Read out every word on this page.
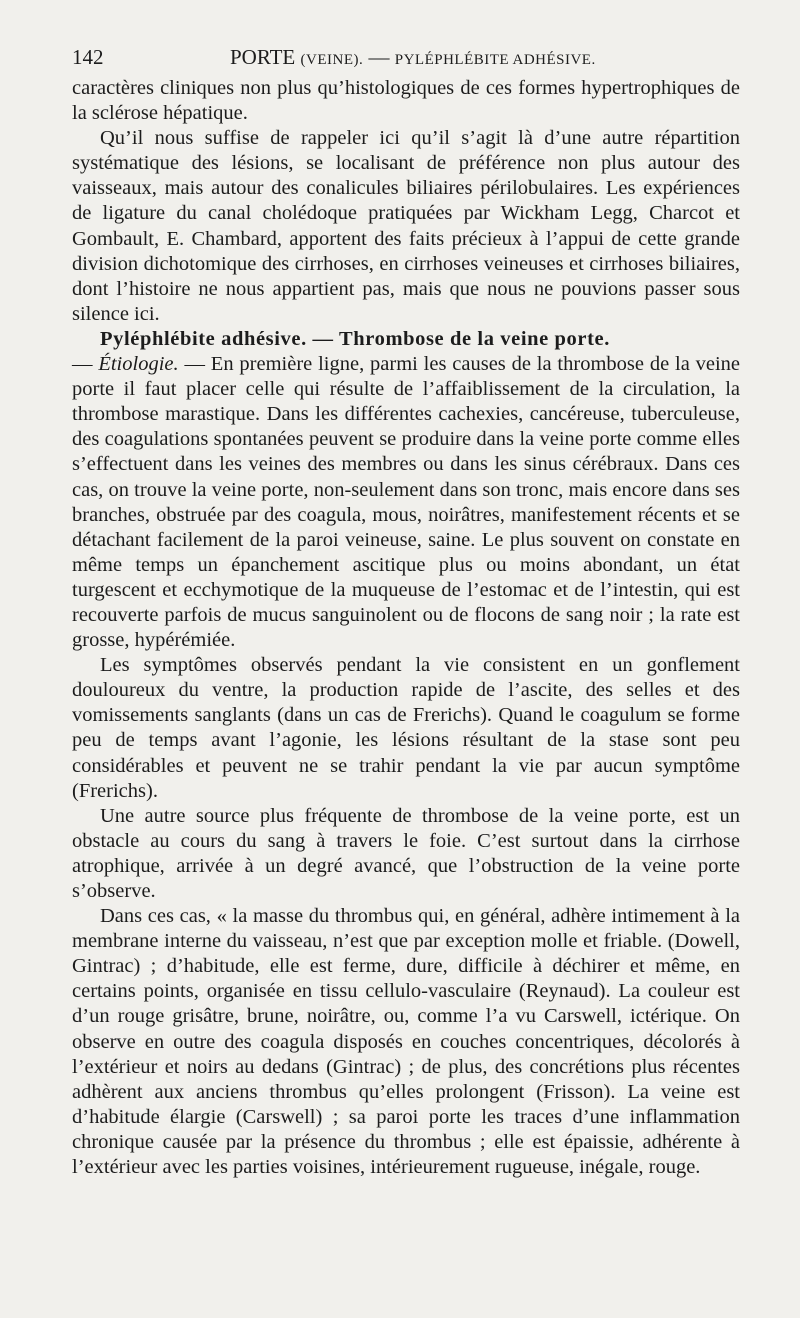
142	PORTE (VEINE). — PYLÉPHLÉBITE ADHÉSIVE.

caractères cliniques non plus qu’histologiques de ces formes hypertrophiques de la sclérose hépatique.

Qu’il nous suffise de rappeler ici qu’il s’agit là d’une autre répartition systématique des lésions, se localisant de préférence non plus autour des vaisseaux, mais autour des conalicules biliaires périlobulaires. Les expériences de ligature du canal cholédoque pratiquées par Wickham Legg, Charcot et Gombault, E. Chambard, apportent des faits précieux à l’appui de cette grande division dichotomique des cirrhoses, en cirrhoses veineuses et cirrhoses biliaires, dont l’histoire ne nous appartient pas, mais que nous ne pouvions passer sous silence ici.

Pyléphlébite adhésive. — Thrombose de la veine porte.

— Étiologie. — En première ligne, parmi les causes de la thrombose de la veine porte il faut placer celle qui résulte de l’affaiblissement de la circulation, la thrombose marastique. Dans les différentes cachexies, cancéreuse, tuberculeuse, des coagulations spontanées peuvent se produire dans la veine porte comme elles s’effectuent dans les veines des membres ou dans les sinus cérébraux. Dans ces cas, on trouve la veine porte, non-seulement dans son tronc, mais encore dans ses branches, obstruée par des coagula, mous, noirâtres, manifestement récents et se détachant facilement de la paroi veineuse, saine. Le plus souvent on constate en même temps un épanchement ascitique plus ou moins abondant, un état turgescent et ecchymotique de la muqueuse de l’estomac et de l’intestin, qui est recouverte parfois de mucus sanguinolent ou de flocons de sang noir ; la rate est grosse, hypérémiée.

Les symptômes observés pendant la vie consistent en un gonflement douloureux du ventre, la production rapide de l’ascite, des selles et des vomissements sanglants (dans un cas de Frerichs). Quand le coagulum se forme peu de temps avant l’agonie, les lésions résultant de la stase sont peu considérables et peuvent ne se trahir pendant la vie par aucun symptôme (Frerichs).

Une autre source plus fréquente de thrombose de la veine porte, est un obstacle au cours du sang à travers le foie. C’est surtout dans la cirrhose atrophique, arrivée à un degré avancé, que l’obstruction de la veine porte s’observe.

Dans ces cas, « la masse du thrombus qui, en général, adhère intimement à la membrane interne du vaisseau, n’est que par exception molle et friable. (Dowell, Gintrac) ; d’habitude, elle est ferme, dure, difficile à déchirer et même, en certains points, organisée en tissu cellulo-vasculaire (Reynaud). La couleur est d’un rouge grisâtre, brune, noirâtre, ou, comme l’a vu Carswell, ictérique. On observe en outre des coagula disposés en couches concentriques, décolorés à l’extérieur et noirs au dedans (Gintrac) ; de plus, des concrétions plus récentes adhèrent aux anciens thrombus qu’elles prolongent (Frisson). La veine est d’habitude élargie (Carswell) ; sa paroi porte les traces d’une inflammation chronique causée par la présence du thrombus ; elle est épaissie, adhérente à l’extérieur avec les parties voisines, intérieurement rugueuse, inégale, rouge.
